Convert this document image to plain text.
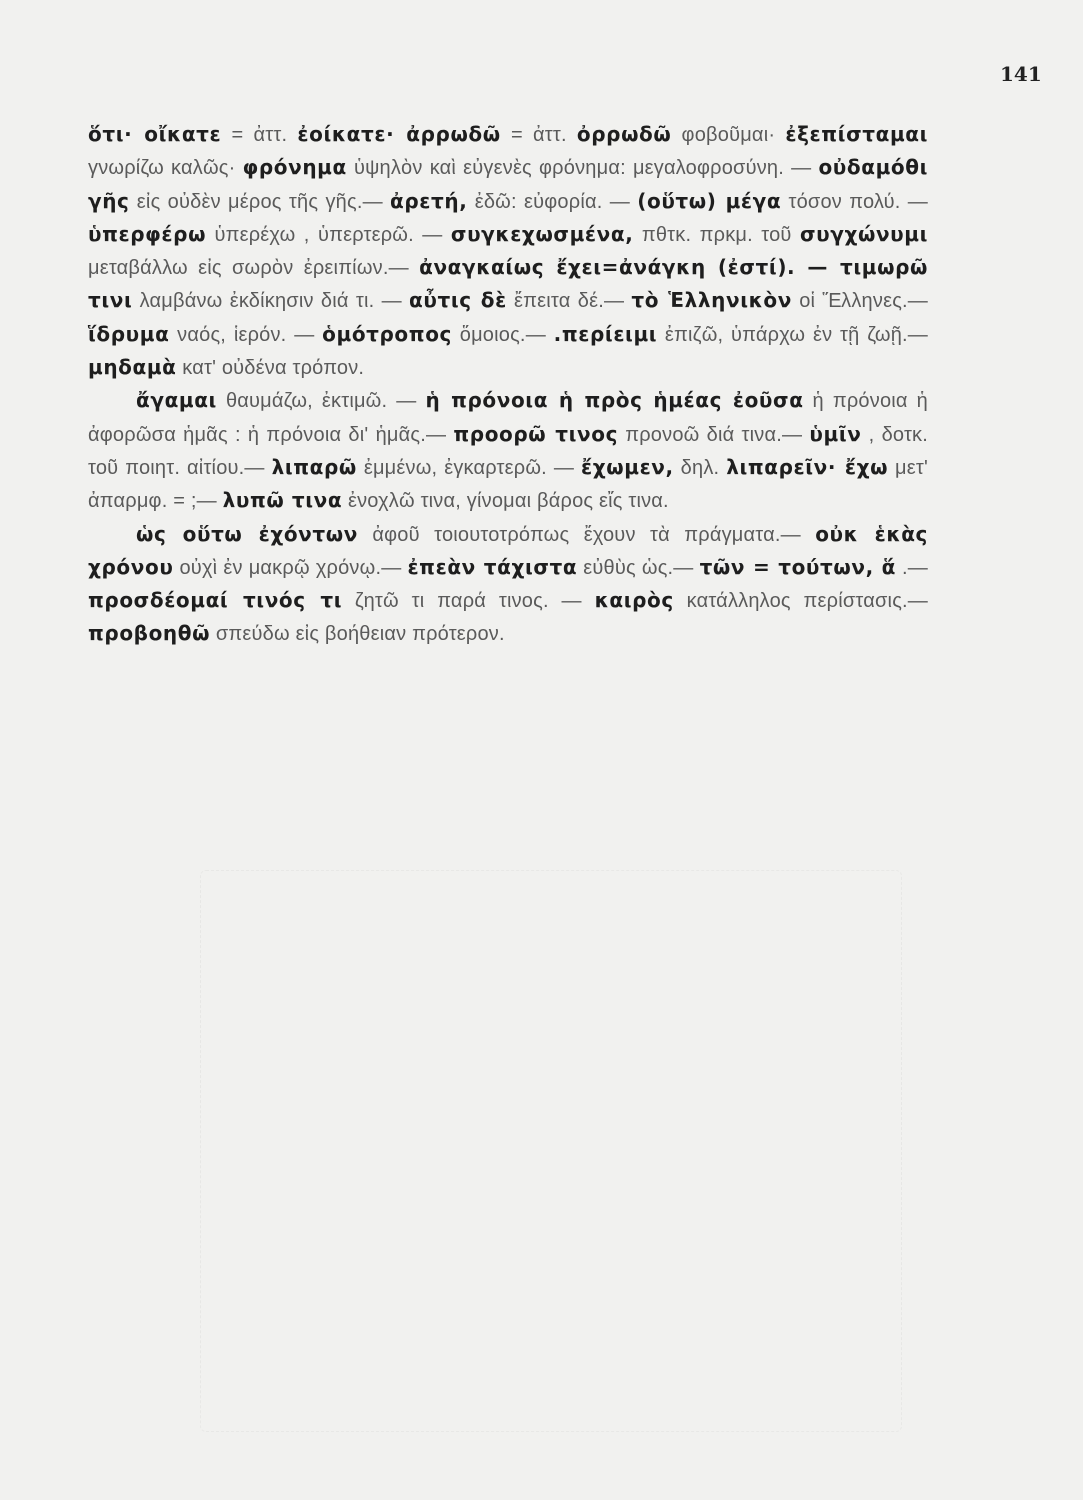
141

ὅτι· οἴκατε = ἀττ. ἐοίκατε· ἀρρωδῶ = ἀττ. ὀρρωδῶ φοβοῦμαι· ἐξεπίσταμαι γνωρίζω καλῶς· φρόνημα ὑψηλὸν καὶ εὐγενὲς φρόνημα: μεγαλοφροσύνη. — οὐδαμόθι γῆς εἰς οὐδὲν μέρος τῆς γῆς.— ἀρετή, ἐδῶ: εὐφορία. — (οὕτω) μέγα τόσον πολύ. — ὑπερφέρω ὑπερέχω , ὑπερτερῶ. — συγκεχωσμένα, πθτκ. πρκμ. τοῦ συγχώνυμι μεταβάλλω εἰς σωρὸν ἐρειπίων.— ἀναγκαίως ἔχει=ἀνάγκη (ἐστί). — τιμωρῶ τινι λαμβάνω ἐκδίκησιν διά τι. — αὖτις δὲ ἔπειτα δέ.— τὸ Ἑλληνικὸν οἱ Ἕλληνες.— ἵδρυμα ναός, ἱερόν. — ὁμότροπος ὅμοιος.— .περίειμι ἐπιζῶ, ὑπάρχω ἐν τῇ ζωῇ.— μηδαμὰ κατ' οὐδένα τρόπον.

ἄγαμαι θαυμάζω, ἐκτιμῶ. — ἡ πρόνοια ἡ πρὸς ἡμέας ἐοῦσα ἡ πρόνοια ἡ ἀφορῶσα ἡμᾶς : ἡ πρόνοια δι' ἡμᾶς.— προορῶ τινος προνοῶ διά τινα.— ὑμῖν , δοτκ. τοῦ ποιητ. αἰτίου.— λιπαρῶ ἐμμένω, ἐγκαρτερῶ. — ἔχωμεν, δηλ. λιπαρεῖν· ἔχω μετ' ἀπαρμφ. = ;— λυπῶ τινα ἐνοχλῶ τινα, γίνομαι βάρος εἴς τινα.

ὡς οὕτω ἐχόντων ἀφοῦ τοιουτοτρόπως ἔχουν τὰ πράγματα.— οὐκ ἑκὰς χρόνου οὐχὶ ἐν μακρῷ χρόνῳ.— ἐπεὰν τάχιστα εὐθὺς ὡς.— τῶν = τούτων, ἅ .—προσδέομαί τινός τι ζητῶ τι παρά τινος. — καιρὸς κατάλληλος περίστασις.— προβοηθῶ σπεύδω εἰς βοήθειαν πρότερον.
